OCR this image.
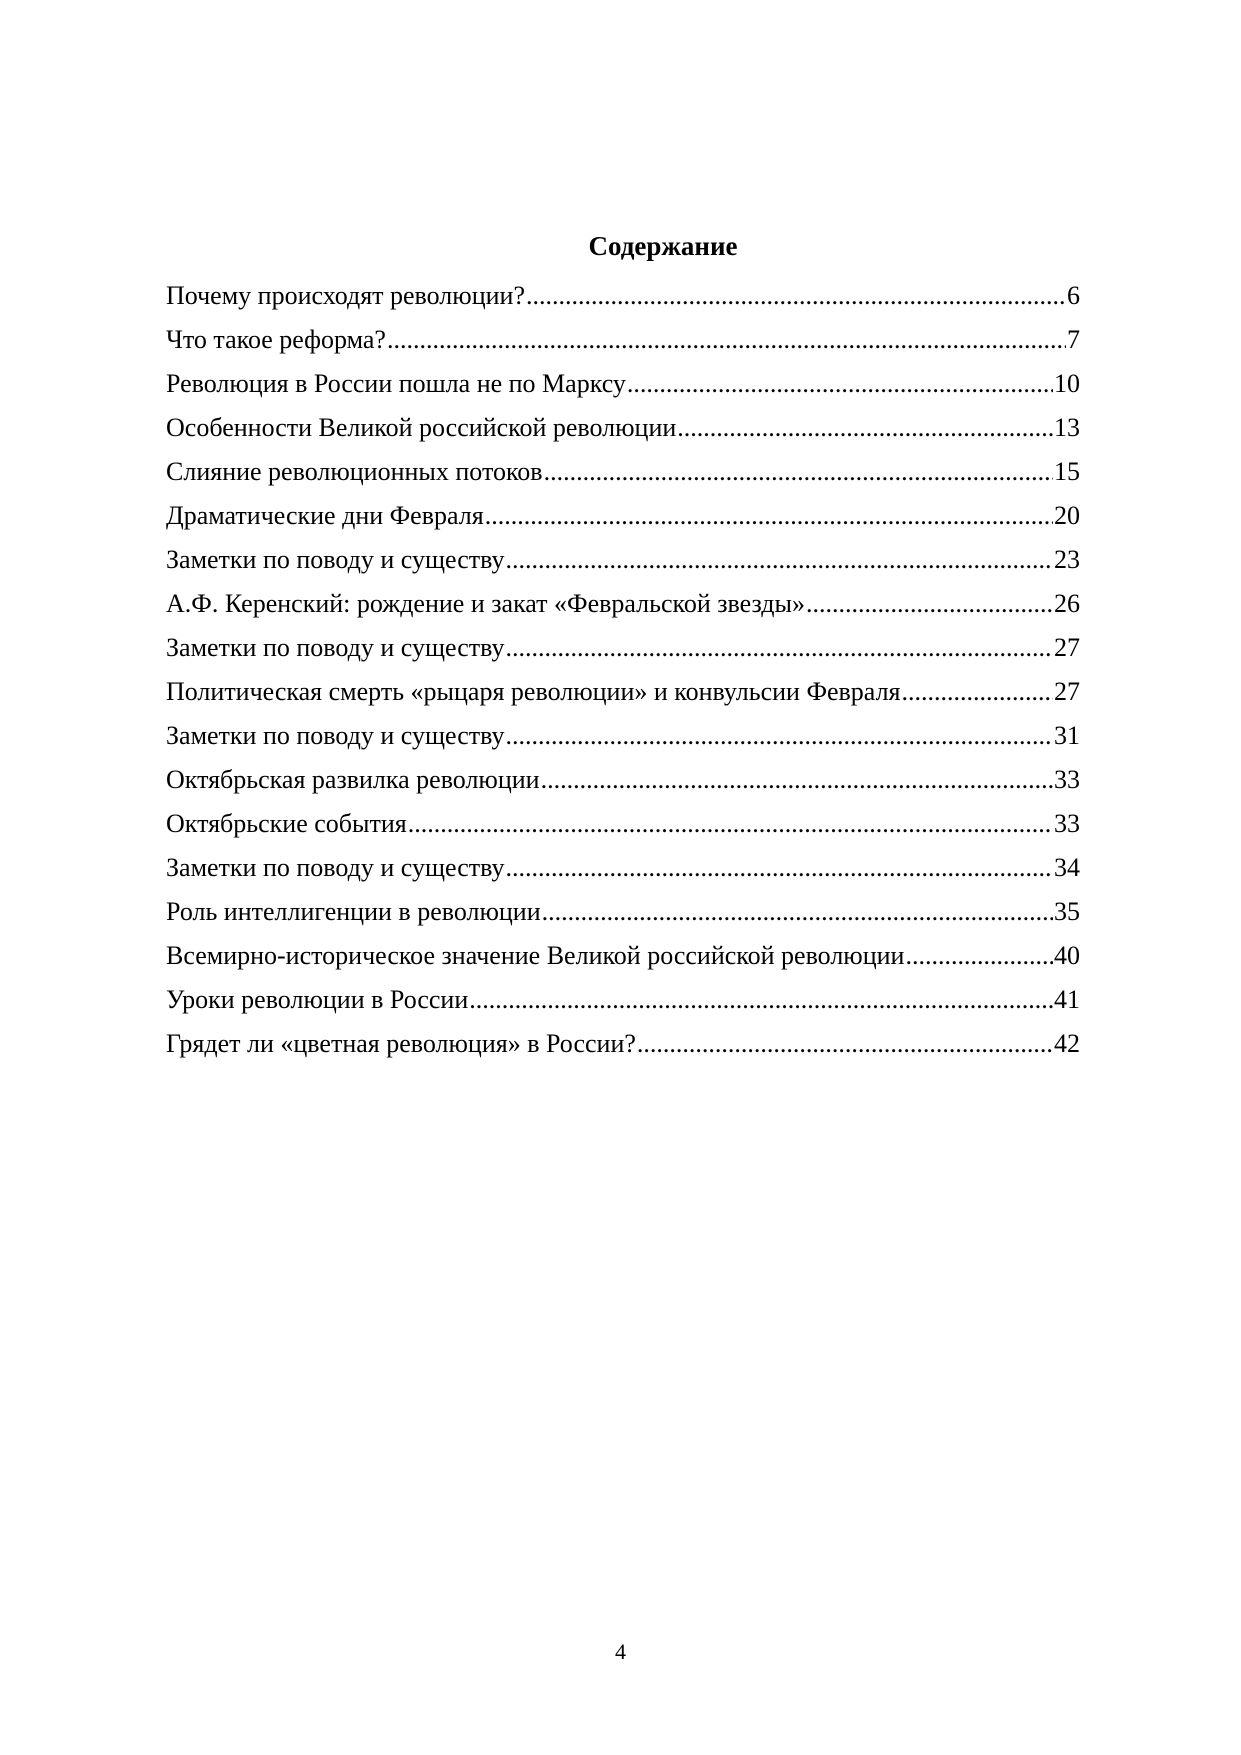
Содержание
Почему происходят революции? .....	6
Что такое реформа? .....	7
Революция в России пошла не по Марксу .....	10
Особенности Великой российской революции .....	13
Слияние революционных потоков .....	15
Драматические дни Февраля .....	20
Заметки по поводу и существу .....	23
А.Ф. Керенский: рождение и закат «Февральской звезды» .....	26
Заметки по поводу и существу .....	27
Политическая смерть «рыцаря революции» и конвульсии Февраля .....	27
Заметки по поводу и существу .....	31
Октябрьская развилка революции .....	33
Октябрьские события .....	33
Заметки по поводу и существу .....	34
Роль интеллигенции в революции .....	35
Всемирно-историческое значение Великой российской революции .....	40
Уроки революции в России .....	41
Грядет ли «цветная революция» в России? .....	42
4
